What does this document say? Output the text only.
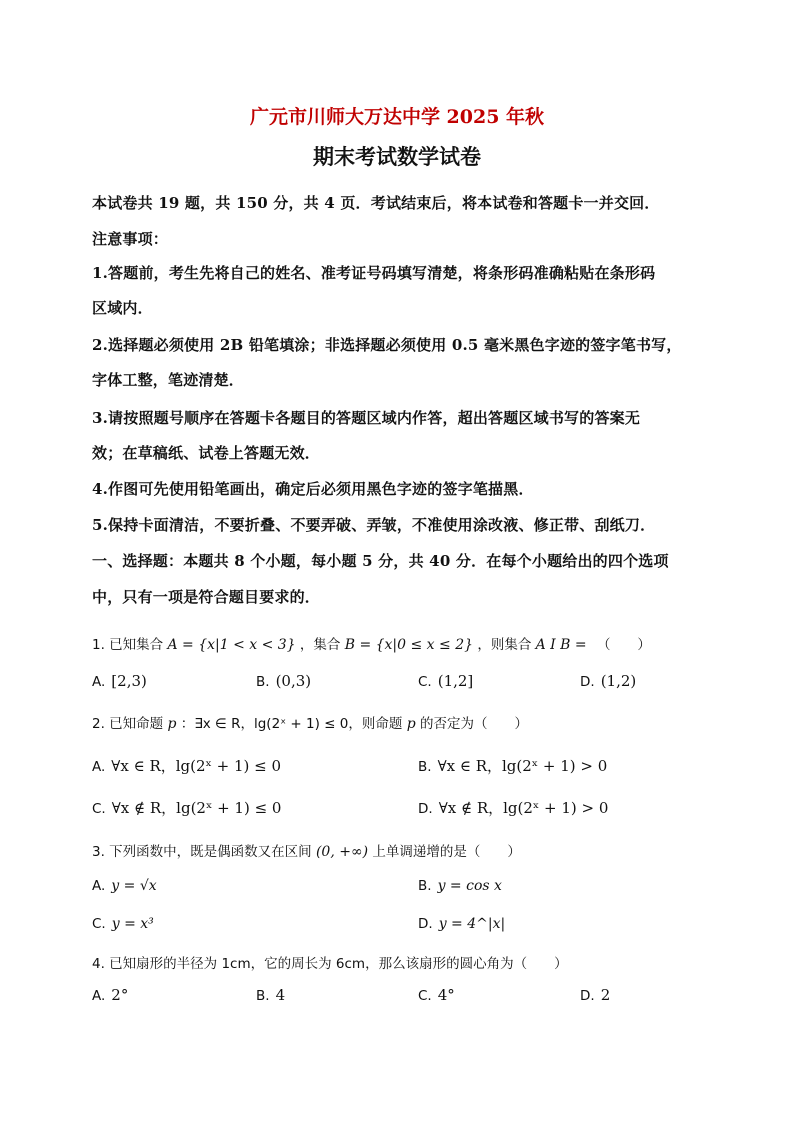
广元市川师大万达中学 2025 年秋
期末考试数学试卷
本试卷共 19 题，共 150 分，共 4 页．考试结束后，将本试卷和答题卡一并交回．
注意事项：
1.答题前，考生先将自己的姓名、准考证号码填写清楚，将条形码准确粘贴在条形码
区域内．
2.选择题必须使用 2B 铅笔填涂；非选择题必须使用 0.5 毫米黑色字迹的签字笔书写，
字体工整，笔迹清楚．
3.请按照题号顺序在答题卡各题目的答题区域内作答，超出答题区域书写的答案无
效；在草稿纸、试卷上答题无效．
4.作图可先使用铅笔画出，确定后必须用黑色字迹的签字笔描黑．
5.保持卡面清洁，不要折叠、不要弄破、弄皱，不准使用涂改液、修正带、刮纸刀．
一、选择题：本题共 8 个小题，每小题 5 分，共 40 分．在每个小题给出的四个选项
中，只有一项是符合题目要求的．
1. 已知集合 A = {x|1 < x < 3} ，集合 B = {x|0 ≤ x ≤ 2} ，则集合 A I B = （　　）
A. [2,3)	B. (0,3)	C. (1,2]	D. (1,2)
2. 已知命题 p ：∃x ∈ R，lg(2ˣ + 1) ≤ 0，则命题 p 的否定为（　　）
A. ∀x ∈ R，lg(2ˣ + 1) ≤ 0	B. ∀x ∈ R，lg(2ˣ + 1) > 0
C. ∀x ∉ R，lg(2ˣ + 1) ≤ 0	D. ∀x ∉ R，lg(2ˣ + 1) > 0
3. 下列函数中，既是偶函数又在区间 (0, +∞) 上单调递增的是（　　）
A. y = √x	B. y = cos x
C. y = x³	D. y = 4^|x|
4. 已知扇形的半径为 1cm，它的周长为 6cm，那么该扇形的圆心角为（　　）
A. 2°	B. 4	C. 4°	D. 2
